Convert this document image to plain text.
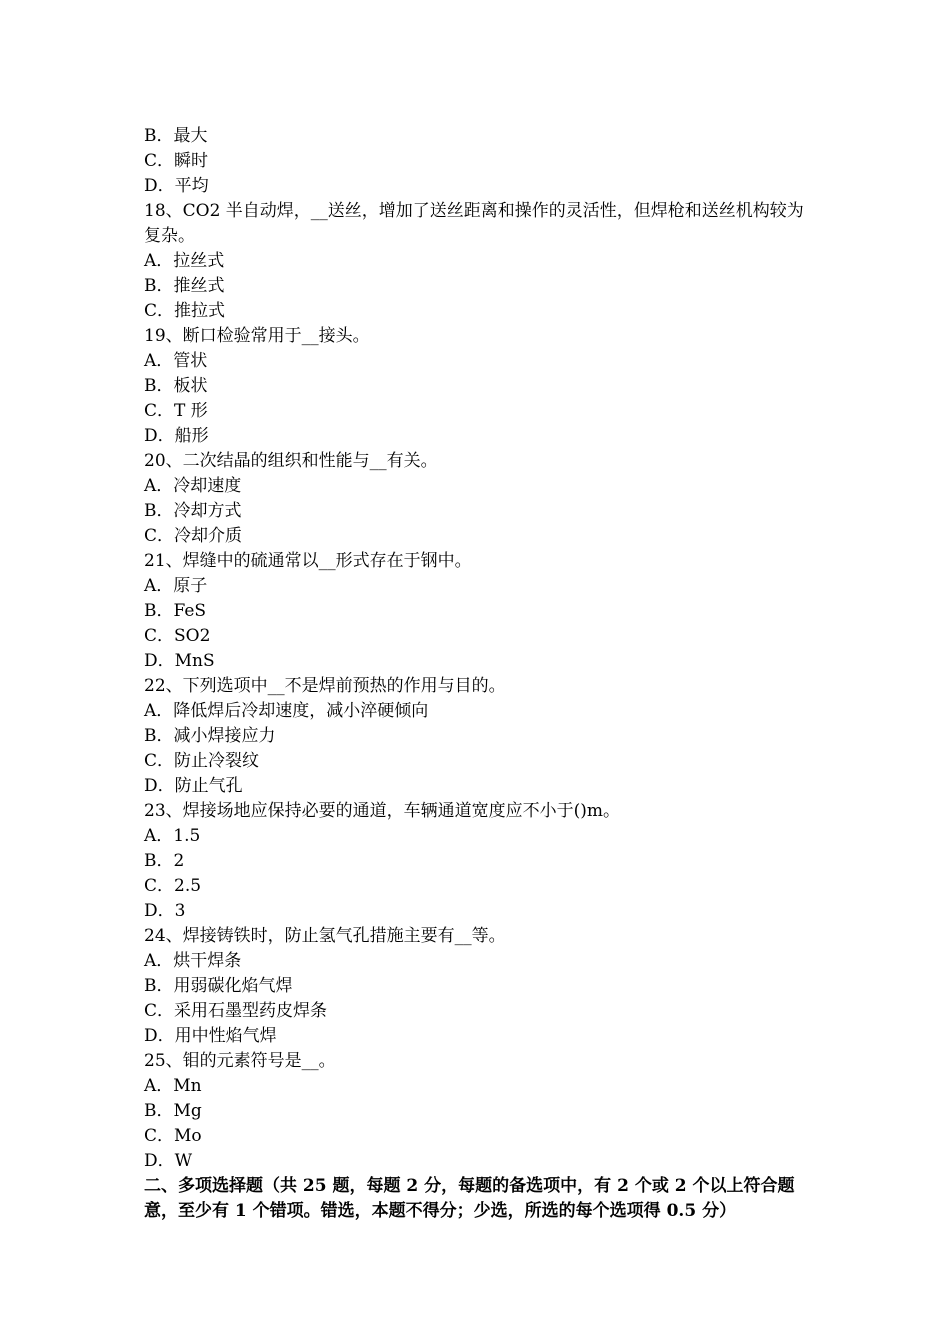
B．最大
C．瞬时
D．平均
18、CO2 半自动焊，__送丝，增加了送丝距离和操作的灵活性，但焊枪和送丝机构较为复杂。
A．拉丝式
B．推丝式
C．推拉式
19、断口检验常用于__接头。
A．管状
B．板状
C．T 形
D．船形
20、二次结晶的组织和性能与__有关。
A．冷却速度
B．冷却方式
C．冷却介质
21、焊缝中的硫通常以__形式存在于钢中。
A．原子
B．FeS
C．SO2
D．MnS
22、下列选项中__不是焊前预热的作用与目的。
A．降低焊后冷却速度，减小淬硬倾向
B．减小焊接应力
C．防止冷裂纹
D．防止气孔
23、焊接场地应保持必要的通道，车辆通道宽度应不小于()m。
A．1.5
B．2
C．2.5
D．3
24、焊接铸铁时，防止氢气孔措施主要有__等。
A．烘干焊条
B．用弱碳化焰气焊
C．采用石墨型药皮焊条
D．用中性焰气焊
25、钼的元素符号是__。
A．Mn
B．Mg
C．Mo
D．W
二、多项选择题（共 25 题，每题 2 分，每题的备选项中，有 2 个或 2 个以上符合题意，至少有 1 个错项。错选，本题不得分；少选，所选的每个选项得 0.5 分）
